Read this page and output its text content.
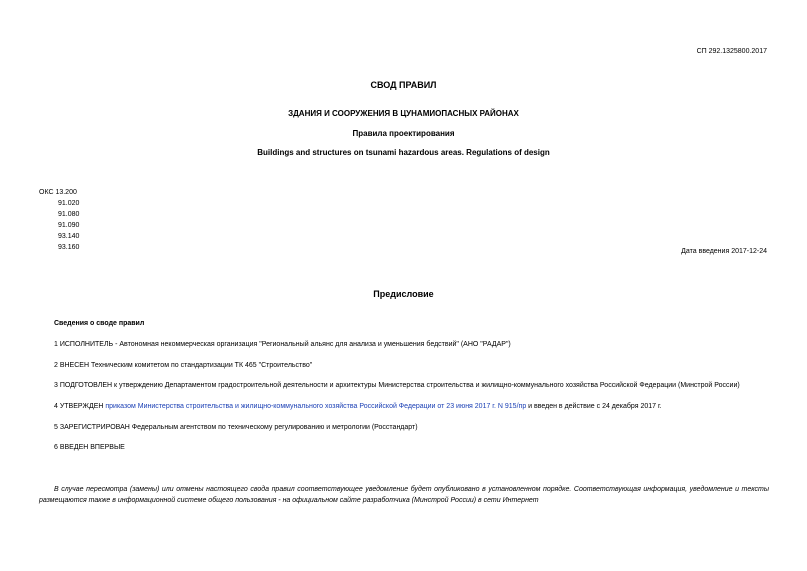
СП 292.1325800.2017
СВОД ПРАВИЛ
ЗДАНИЯ И СООРУЖЕНИЯ В ЦУНАМИОПАСНЫХ РАЙОНАХ
Правила проектирования
Buildings and structures on tsunami hazardous areas. Regulations of design
ОКС 13.200
91.020
91.080
91.090
93.140
93.160
Дата введения 2017-12-24
Предисловие
Сведения о своде правил
1 ИСПОЛНИТЕЛЬ - Автономная некоммерческая организация "Региональный альянс для анализа и уменьшения бедствий" (АНО "РАДАР")
2 ВНЕСЕН Техническим комитетом по стандартизации ТК 465 "Строительство"
3 ПОДГОТОВЛЕН к утверждению Департаментом градостроительной деятельности и архитектуры Министерства строительства и жилищно-коммунального хозяйства Российской Федерации (Минстрой России)
4 УТВЕРЖДЕН приказом Министерства строительства и жилищно-коммунального хозяйства Российской Федерации от 23 июня 2017 г. N 915/пр и введен в действие с 24 декабря 2017 г.
5 ЗАРЕГИСТРИРОВАН Федеральным агентством по техническому регулированию и метрологии (Росстандарт)
6 ВВЕДЕН ВПЕРВЫЕ
В случае пересмотра (замены) или отмены настоящего свода правил соответствующее уведомление будет опубликовано в установленном порядке. Соответствующая информация, уведомление и тексты размещаются также в информационной системе общего пользования - на официальном сайте разработчика (Минстрой России) в сети Интернет
